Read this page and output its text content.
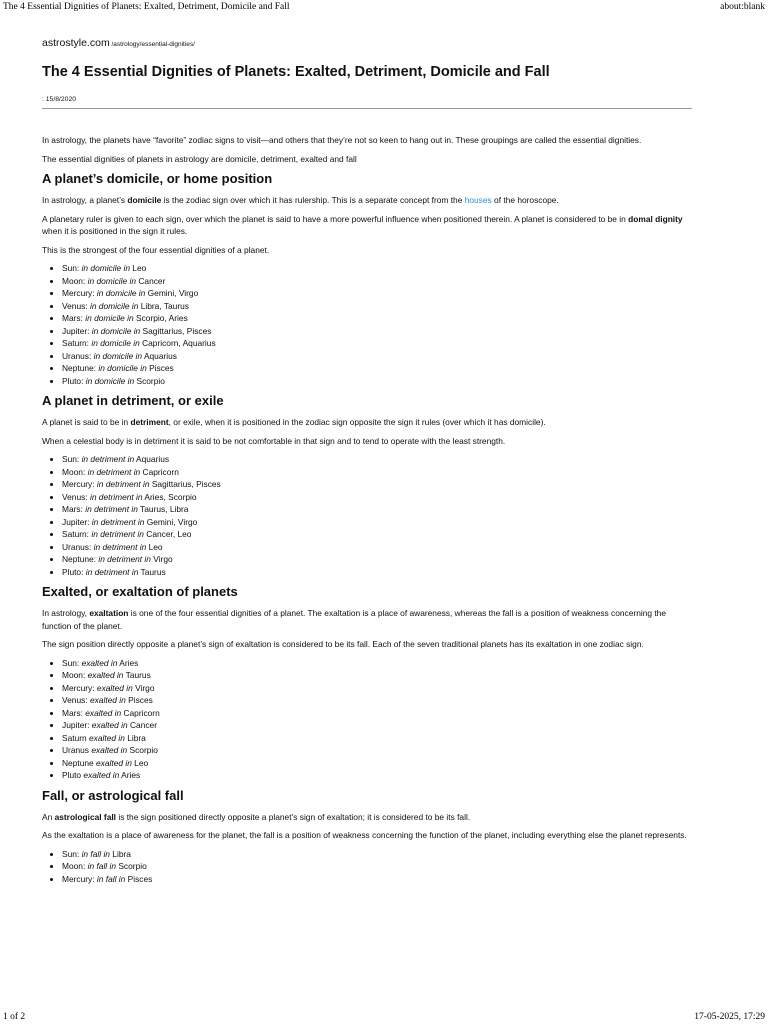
The 4 Essential Dignities of Planets: Exalted, Detriment, Domicile and Fall	about:blank
astrostyle.com /astrology/essential-dignities/
The 4 Essential Dignities of Planets: Exalted, Detriment, Domicile and Fall
: 15/8/2020

In astrology, the planets have “favorite” zodiac signs to visit—and others that they’re not so keen to hang out in. These groupings are called the essential dignities.

The essential dignities of planets in astrology are domicile, detriment, exalted and fall

A planet’s domicile, or home position

In astrology, a planet’s domicile is the zodiac sign over which it has rulership. This is a separate concept from the houses of the horoscope.

A planetary ruler is given to each sign, over which the planet is said to have a more powerful influence when positioned therein. A planet is considered to be in domal dignity when it is positioned in the sign it rules.

This is the strongest of the four essential dignities of a planet.

• Sun: in domicile in Leo
• Moon: in domicile in Cancer
• Mercury: in domicile in Gemini, Virgo
• Venus: in domicile in Libra, Taurus
• Mars: in domicile in Scorpio, Aries
• Jupiter: in domicile in Sagittarius, Pisces
• Saturn: in domicile in Capricorn, Aquarius
• Uranus: in domicile in Aquarius
• Neptune: in domicile in Pisces
• Pluto: in domicile in Scorpio
A planet in detriment, or exile

A planet is said to be in detriment, or exile, when it is positioned in the zodiac sign opposite the sign it rules (over which it has domicile).

When a celestial body is in detriment it is said to be not comfortable in that sign and to tend to operate with the least strength.

• Sun: in detriment in Aquarius
• Moon: in detriment in Capricorn
• Mercury: in detriment in Sagittarius, Pisces
• Venus: in detriment in Aries, Scorpio
• Mars: in detriment in Taurus, Libra
• Jupiter: in detriment in Gemini, Virgo
• Saturn: in detriment in Cancer, Leo
• Uranus: in detriment in Leo
• Neptune: in detriment in Virgo
• Pluto: in detriment in Taurus
Exalted, or exaltation of planets

In astrology, exaltation is one of the four essential dignities of a planet. The exaltation is a place of awareness, whereas the fall is a position of weakness concerning the function of the planet.

The sign position directly opposite a planet’s sign of exaltation is considered to be its fall. Each of the seven traditional planets has its exaltation in one zodiac sign.

• Sun: exalted in Aries
• Moon: exalted in Taurus
• Mercury: exalted in Virgo
• Venus: exalted in Pisces
• Mars: exalted in Capricorn
• Jupiter: exalted in Cancer
• Saturn exalted in Libra
• Uranus exalted in Scorpio
• Neptune exalted in Leo
• Pluto exalted in Aries
Fall, or astrological fall

An astrological fall is the sign positioned directly opposite a planet’s sign of exaltation; it is considered to be its fall.

As the exaltation is a place of awareness for the planet, the fall is a position of weakness concerning the function of the planet, including everything else the planet represents.

• Sun: in fall in Libra
• Moon: in fall in Scorpio
• Mercury: in fall in Pisces
1 of 2	17-05-2025, 17:29
